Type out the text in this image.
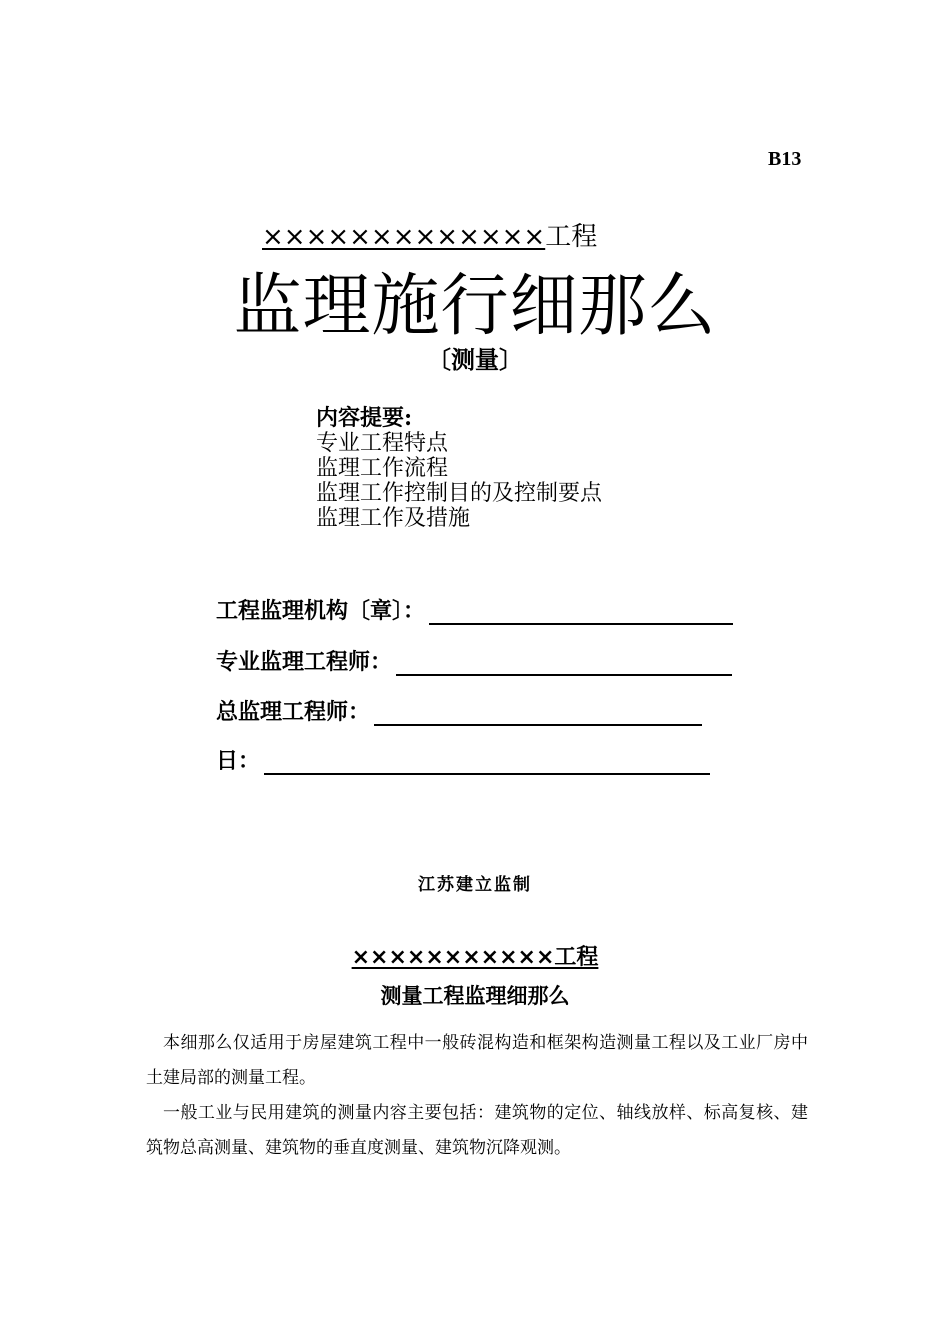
B13
×××××××××××××工程
监理施行细那么
〔测量〕
内容提要:
专业工程特点
监理工作流程
监理工作控制目的及控制要点
监理工作及措施
工程监理机构〔章〕：
专业监理工程师：
总监理工程师：
日：
江苏建立监制
×××××××××××工程
测量工程监理细那么

本细那么仅适用于房屋建筑工程中一般砖混构造和框架构造测量工程以及工业厂房中土建局部的测量工程。

一般工业与民用建筑的测量内容主要包括：建筑物的定位、轴线放样、标高复核、建筑物总高测量、建筑物的垂直度测量、建筑物沉降观测。
